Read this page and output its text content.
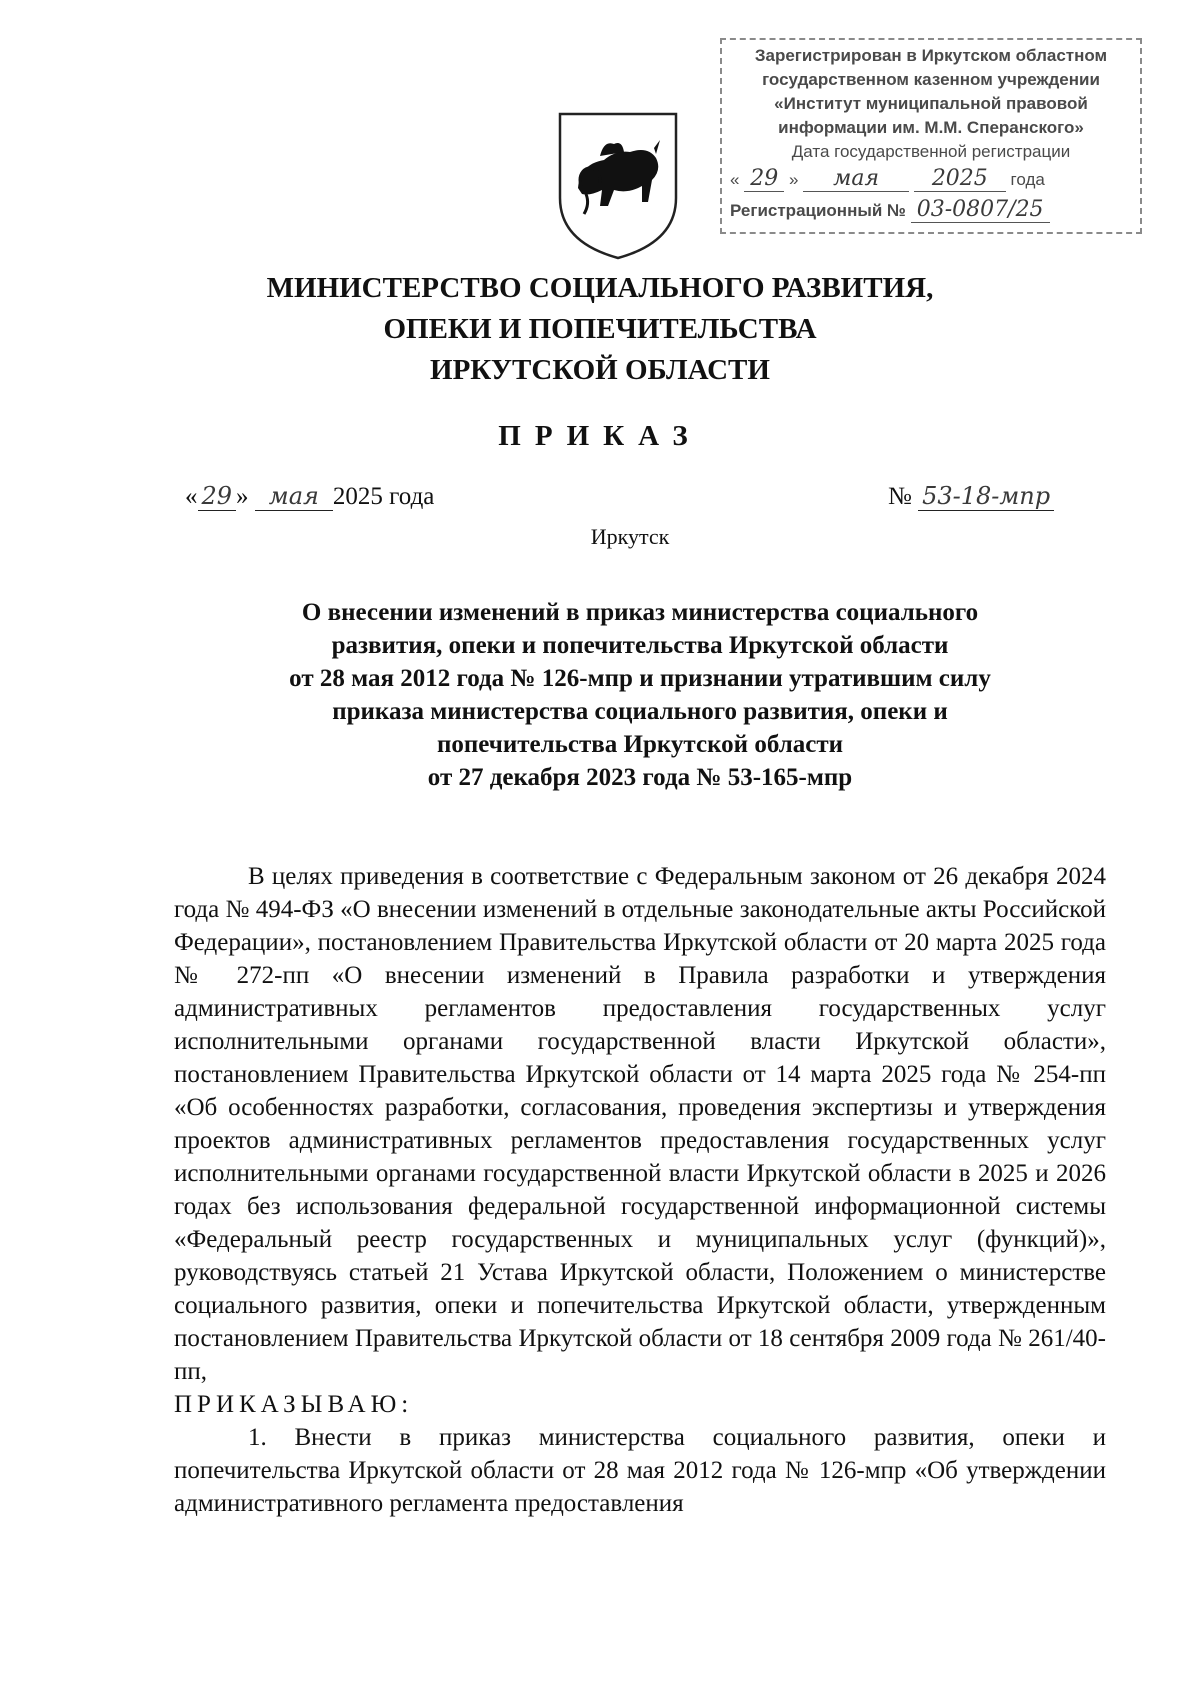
Зарегистрирован в Иркутском областном
государственном казенном учреждении
«Институт муниципальной правовой
информации им. М.М. Сперанского»
Дата государственной регистрации
« 29 » мая 2025 года
Регистрационный № 03-0807/25
МИНИСТЕРСТВО СОЦИАЛЬНОГО РАЗВИТИЯ,
ОПЕКИ И ПОПЕЧИТЕЛЬСТВА
ИРКУТСКОЙ ОБЛАСТИ
ПРИКАЗ
« 29 » мая 2025 года	№ 53-18-мпр
Иркутск
О внесении изменений в приказ министерства социального
развития, опеки и попечительства Иркутской области
от 28 мая 2012 года № 126-мпр и признании утратившим силу
приказа министерства социального развития, опеки и
попечительства Иркутской области
от 27 декабря 2023 года № 53-165-мпр

В целях приведения в соответствие с Федеральным законом от 26 декабря 2024 года № 494-ФЗ «О внесении изменений в отдельные законодательные акты Российской Федерации», постановлением Правительства Иркутской области от 20 марта 2025 года № 272-пп «О внесении изменений в Правила разработки и утверждения административных регламентов предоставления государственных услуг исполнительными органами государственной власти Иркутской области», постановлением Правительства Иркутской области от 14 марта 2025 года № 254-пп «Об особенностях разработки, согласования, проведения экспертизы и утверждения проектов административных регламентов предоставления государственных услуг исполнительными органами государственной власти Иркутской области в 2025 и 2026 годах без использования федеральной государственной информационной системы «Федеральный реестр государственных и муниципальных услуг (функций)», руководствуясь статьей 21 Устава Иркутской области, Положением о министерстве социального развития, опеки и попечительства Иркутской области, утвержденным постановлением Правительства Иркутской области от 18 сентября 2009 года № 261/40-пп,

ПРИКАЗЫВАЮ:

1. Внести в приказ министерства социального развития, опеки и попечительства Иркутской области от 28 мая 2012 года № 126-мпр «Об утверждении административного регламента предоставления
